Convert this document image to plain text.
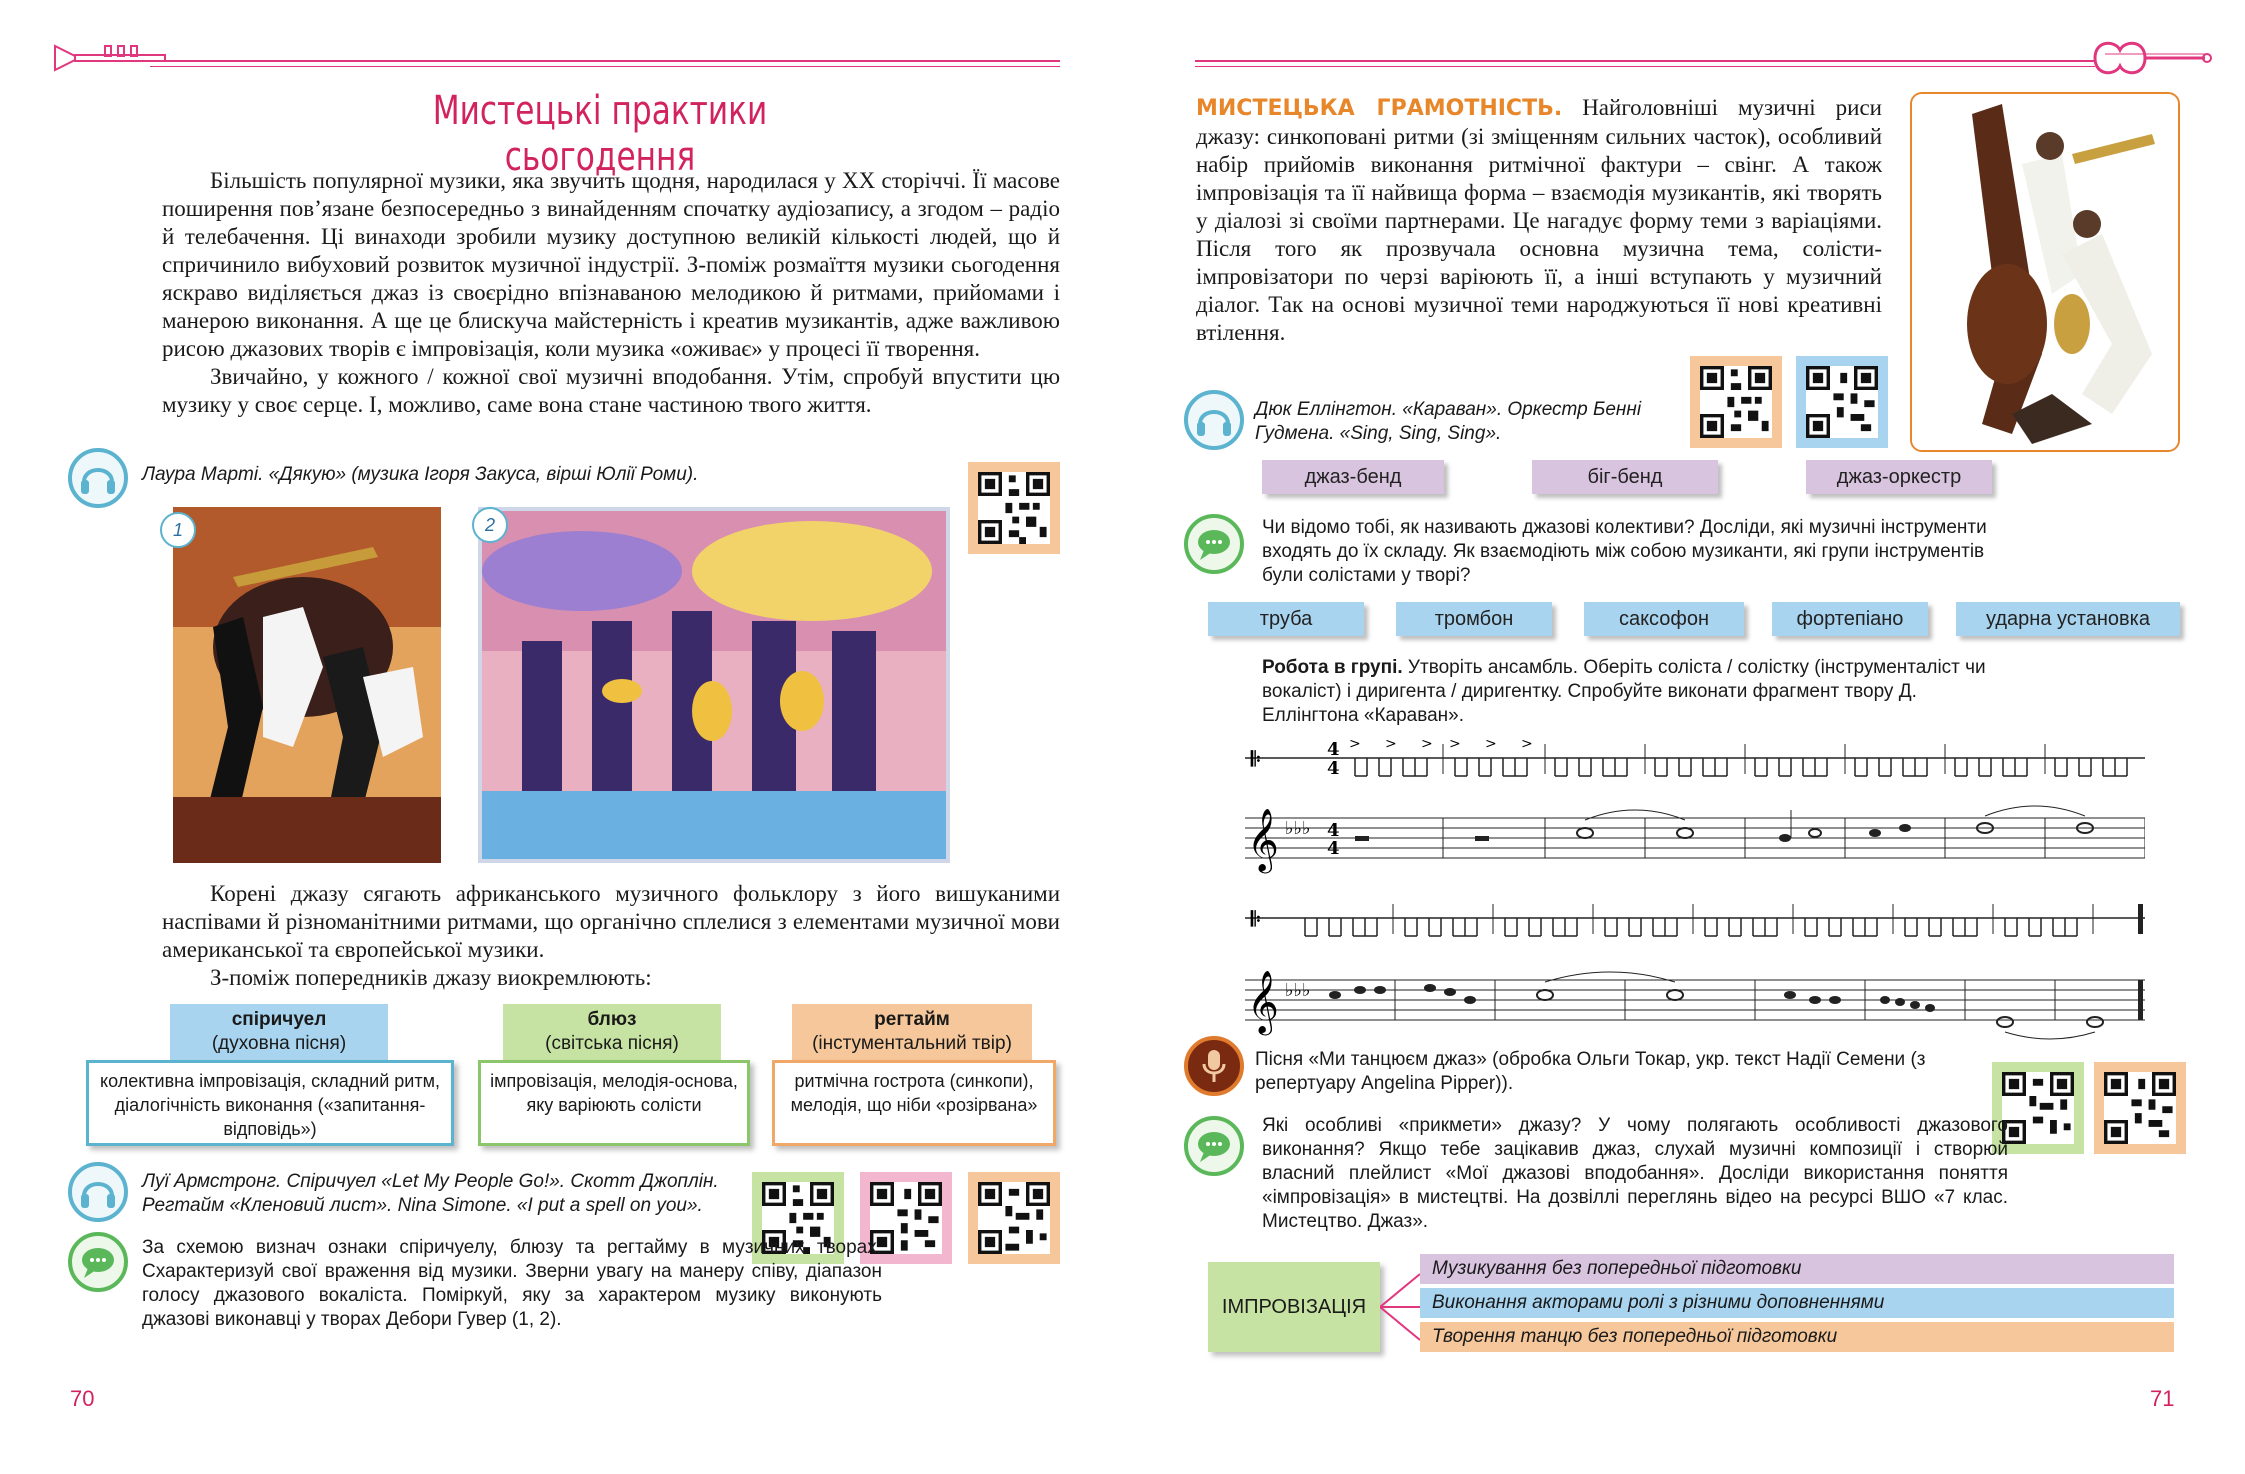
Мистецькі практики сьогодення

Більшість популярної музики, яка звучить щодня, народилася у ХХ сторіччі. Її масове поширення пов’язане безпосередньо з винайденням спочатку аудіозапису, а згодом – радіо й телебачення. Ці винаходи зробили музику доступною великій кількості людей, що й спричинило вибуховий розвиток музичної індустрії. З-поміж розмаїття музики сьогодення яскраво виділяється джаз із своєрідно впізнаваною мелодикою й ритмами, прийомами і манерою виконання. А ще це блискуча майстерність і креатив музикантів, адже важливою рисою джазових творів є імпровізація, коли музика «оживає» у процесі її творення.

Звичайно, у кожного / кожної свої музичні вподобання. Утім, спробуй впустити цю музику у своє серце. І, можливо, саме вона стане частиною твого життя.

Лаура Марті. «Дякую» (музика Ігоря Закуса, вірші Юлії Роми).
1	2

Корені джазу сягають африканського музичного фольклору з його вишуканими наспівами й різноманітними ритмами, що органічно сплелися з елементами музичної мови американської та європейської музики.

З-поміж попередників джазу виокремлюють:

спіричуел
(духовна пісня)
колективна імпровізація, складний ритм, діалогічність виконання («запитання-відповідь»)
блюз
(світська пісня)
імпровізація, мелодія-основа, яку варіюють солісти
регтайм
(інстументальний твір)
ритмічна гострота (синкопи), мелодія, що ніби «розірвана»

Луї Армстронг. Спіричуел «Let My People Go!». Скотт Джоплін.

Регтайм «Кленовий лист». Nina Simone. «I put a spell on you».

За схемою визнач ознаки спіричуелу, блюзу та регтайму в музичних творах. Схарактеризуй свої враження від музики. Зверни увагу на манеру співу, діапазон голосу джазового вокаліста. Поміркуй, яку за характером музику виконують джазові виконавці у творах Дебори Гувер (1, 2).
70

МИСТЕЦЬКА ГРАМОТНІСТЬ. Найголовніші музичні риси джазу: синкоповані ритми (зі зміщенням сильних часток), особливий набір прийомів виконання ритмічної фактури – свінг. А також імпровізація та її найвища форма – взаємодія музикантів, які творять у діалозі зі своїми партнерами. Це нагадує форму теми з варіаціями. Після того як прозвучала основна музична тема, солісти-імпровізатори по черзі варіюють її, а інші вступають у музичний діалог. Так на основі музичної теми народжуються її нові креативні втілення.

Дюк Еллінгтон. «Караван». Оркестр Бенні

Гудмена. «Sing, Sing, Sing».

джаз-бенд	біг-бенд	джаз-оркестр
Чи відомо тобі, як називають джазові колективи? Досліди, які музичні інструменти входять до їх складу. Як взаємодіють між собою музиканти, які групи інструментів були солістами у творі?
труба	тромбон	саксофон	фортепіано	ударна установка

Робота в групі. Утворіть ансамбль. Оберіть соліста / солістку (інструменталіст чи вокаліст) і диригента / диригентку. Спробуйте виконати фрагмент твору Д. Еллінгтона «Караван».

𝄆	4
4
> > > > > >
𝄞 ♭♭♭ 4
4
𝄆
𝄞 ♭♭♭
Пісня «Ми танцюєм джаз» (обробка Ольги Токар, укр. текст Надії Семени (з репертуару Angelina Pipper)).
Які особливі «прикмети» джазу? У чому полягають особливості джазового виконання? Якщо тебе зацікавив джаз, слухай музичні композиції і створюй власний плейлист «Мої джазові вподобання». Досліди використання поняття «імпровізація» в мистецтві. На дозвіллі переглянь відео на ресурсі ВШО «7 клас. Мистецтво. Джаз».
ІМПРОВІЗАЦІЯ
Музикування без попередньої підготовки
Виконання акторами ролі з різними доповненнями
Творення танцю без попередньої підготовки
71
